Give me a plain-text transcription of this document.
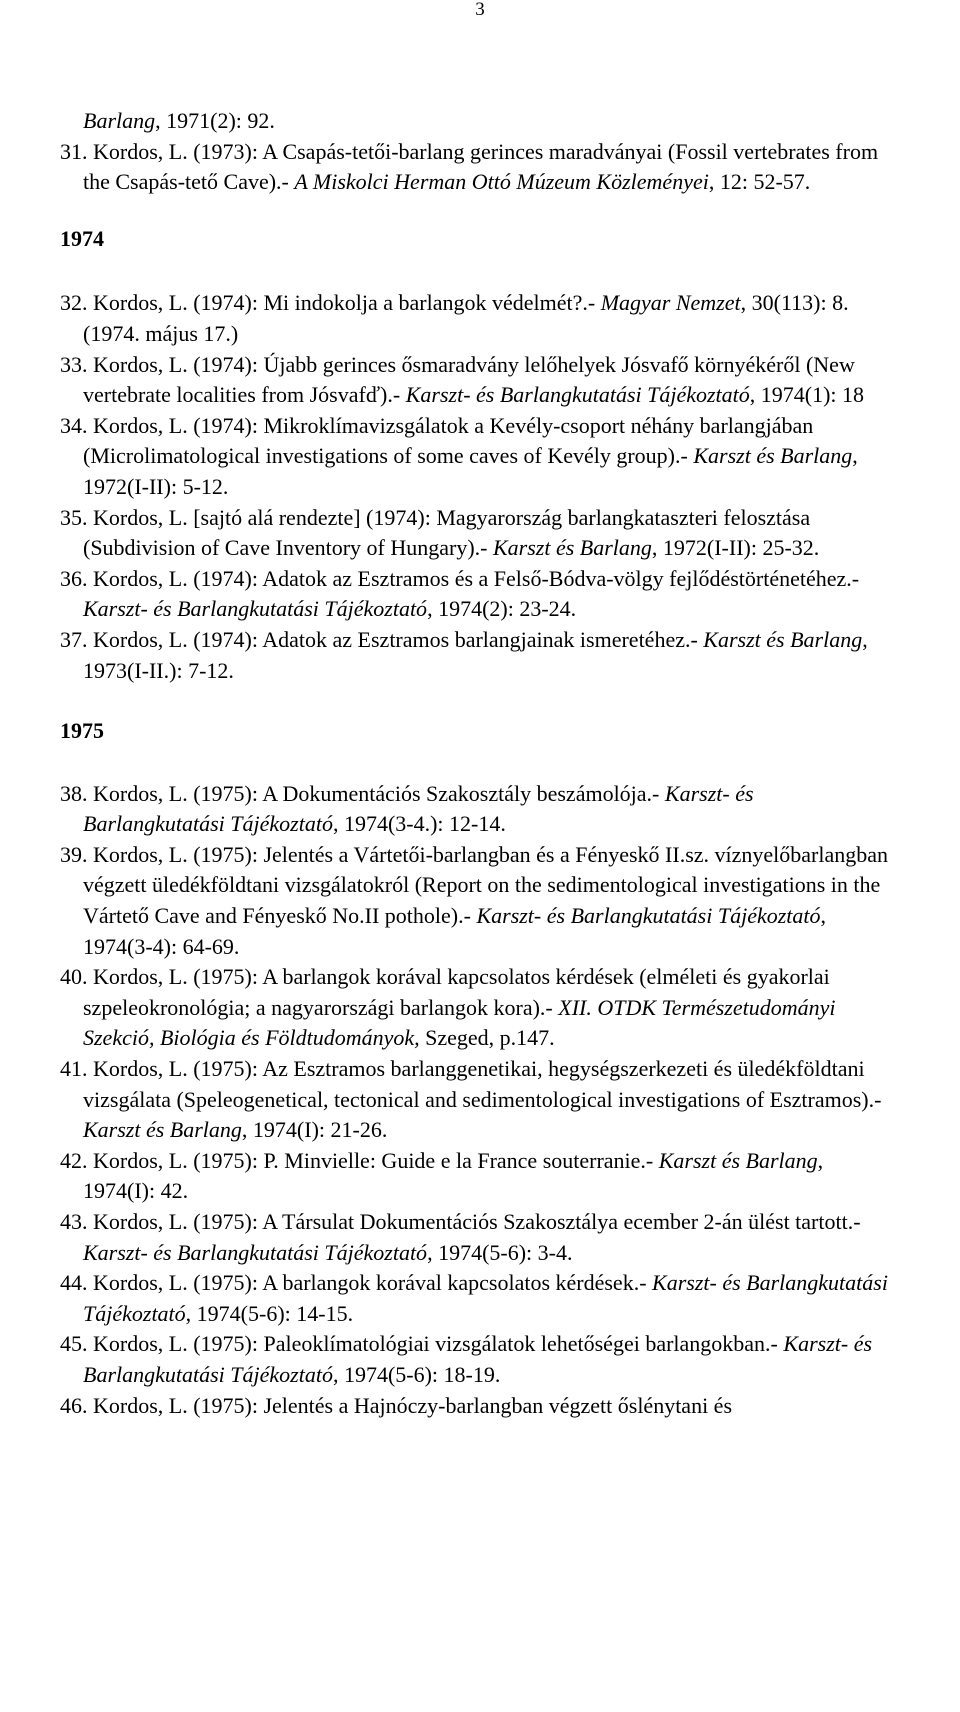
3

Barlang, 1971(2): 92.

31. Kordos, L. (1973): A Csapás-tetői-barlang gerinces maradványai (Fossil vertebrates from the Csapás-tető Cave).- A Miskolci Herman Ottó Múzeum Közleményei, 12: 52-57.

1974

32. Kordos, L. (1974): Mi indokolja a barlangok védelmét?.- Magyar Nemzet, 30(113): 8. (1974. május 17.)

33. Kordos, L. (1974): Újabb gerinces ősmaradvány lelőhelyek Jósvafő környékéről (New vertebrate localities from Jósvafď).- Karszt- és Barlangkutatási Tájékoztató, 1974(1): 18

34. Kordos, L. (1974): Mikroklímavizsgálatok a Kevély-csoport néhány barlangjában (Microlimatological investigations of some caves of Kevély group).- Karszt és Barlang, 1972(I-II): 5-12.

35. Kordos, L. [sajtó alá rendezte] (1974): Magyarország barlangkataszteri felosztása (Subdivision of Cave Inventory of Hungary).- Karszt és Barlang, 1972(I-II): 25-32.

36. Kordos, L. (1974): Adatok az Esztramos és a Felső-Bódva-völgy fejlődéstörténetéhez.- Karszt- és Barlangkutatási Tájékoztató, 1974(2): 23-24.

37. Kordos, L. (1974): Adatok az Esztramos barlangjainak ismeretéhez.- Karszt és Barlang, 1973(I-II.): 7-12.

1975

38. Kordos, L. (1975): A Dokumentációs Szakosztály beszámolója.- Karszt- és Barlangkutatási Tájékoztató, 1974(3-4.): 12-14.

39. Kordos, L. (1975): Jelentés a Vártetői-barlangban és a Fényeskő II.sz. víznyelőbarlangban végzett üledékföldtani vizsgálatokról (Report on the sedimentological investigations in the Vártető Cave and Fényeskő No.II pothole).- Karszt- és Barlangkutatási Tájékoztató, 1974(3-4): 64-69.

40. Kordos, L. (1975): A barlangok korával kapcsolatos kérdések (elméleti és gyakorlai szpeleokronológia; a nagyarországi barlangok kora).- XII. OTDK Természetudományi Szekció, Biológia és Földtudományok, Szeged, p.147.

41. Kordos, L. (1975): Az Esztramos barlanggenetikai, hegységszerkezeti és üledékföldtani vizsgálata (Speleogenetical, tectonical and sedimentological investigations of Esztramos).- Karszt és Barlang, 1974(I): 21-26.

42. Kordos, L. (1975): P. Minvielle: Guide e la France souterranie.- Karszt és Barlang, 1974(I): 42.

43. Kordos, L. (1975): A Társulat Dokumentációs Szakosztálya ecember 2-án ülést tartott.- Karszt- és Barlangkutatási Tájékoztató, 1974(5-6): 3-4.

44. Kordos, L. (1975): A barlangok korával kapcsolatos kérdések.- Karszt- és Barlangkutatási Tájékoztató, 1974(5-6): 14-15.

45. Kordos, L. (1975): Paleoklímatológiai vizsgálatok lehetőségei barlangokban.- Karszt- és Barlangkutatási Tájékoztató, 1974(5-6): 18-19.

46. Kordos, L. (1975): Jelentés a Hajnóczy-barlangban végzett őslénytani és
